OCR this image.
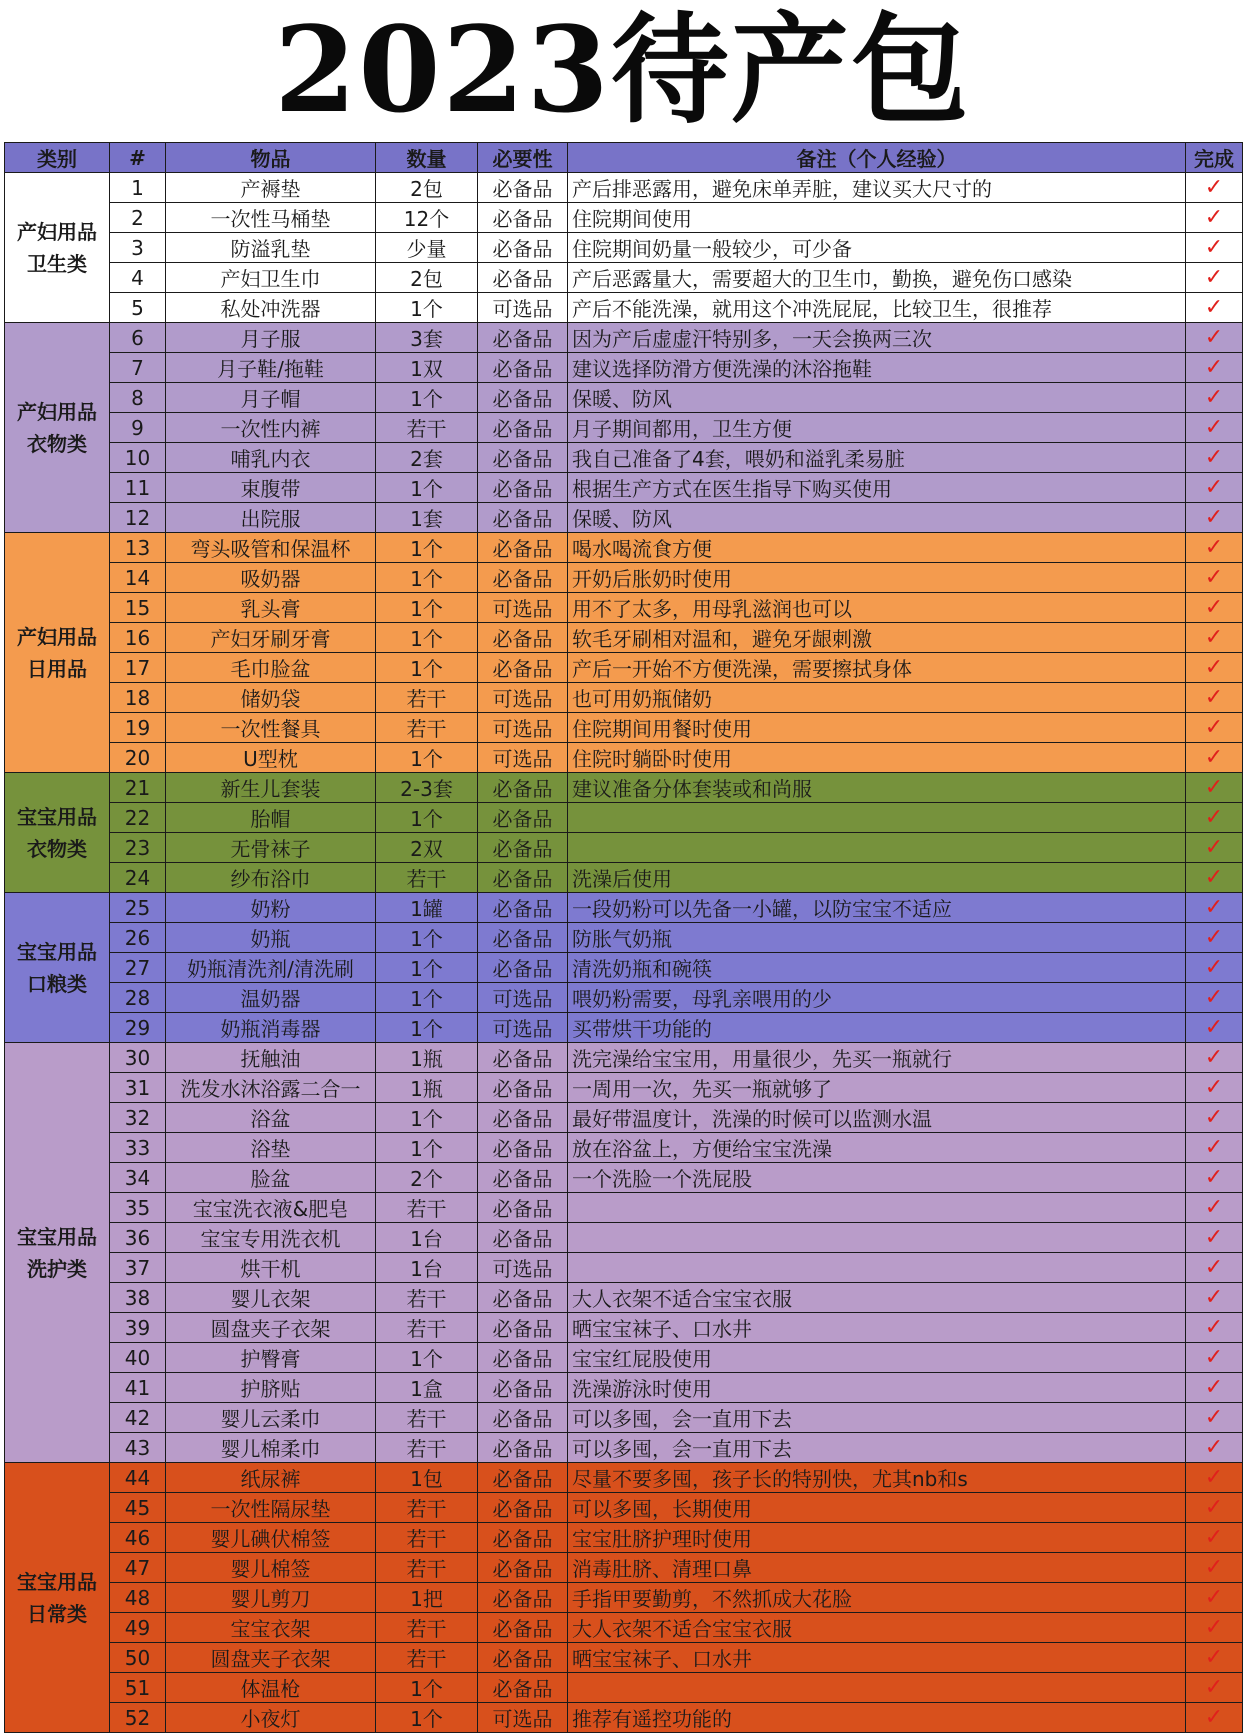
2023待产包
类别	#	物品	数量	必要性	备注（个人经验）	完成
产妇用品
卫生类	1	产褥垫	2包	必备品	产后排恶露用，避免床单弄脏，建议买大尺寸的	✓
	2	一次性马桶垫	12个	必备品	住院期间使用	✓
	3	防溢乳垫	少量	必备品	住院期间奶量一般较少，可少备	✓
	4	产妇卫生巾	2包	必备品	产后恶露量大，需要超大的卫生巾，勤换，避免伤口感染	✓
	5	私处冲洗器	1个	可选品	产后不能洗澡，就用这个冲洗屁屁，比较卫生，很推荐	✓
产妇用品
衣物类	6	月子服	3套	必备品	因为产后虚虚汗特别多，一天会换两三次	✓
	7	月子鞋/拖鞋	1双	必备品	建议选择防滑方便洗澡的沐浴拖鞋	✓
	8	月子帽	1个	必备品	保暖、防风	✓
	9	一次性内裤	若干	必备品	月子期间都用，卫生方便	✓
	10	哺乳内衣	2套	必备品	我自己准备了4套，喂奶和溢乳柔易脏	✓
	11	束腹带	1个	必备品	根据生产方式在医生指导下购买使用	✓
	12	出院服	1套	必备品	保暖、防风	✓
产妇用品
日用品	13	弯头吸管和保温杯	1个	必备品	喝水喝流食方便	✓
	14	吸奶器	1个	必备品	开奶后胀奶时使用	✓
	15	乳头膏	1个	可选品	用不了太多，用母乳滋润也可以	✓
	16	产妇牙刷牙膏	1个	必备品	软毛牙刷相对温和，避免牙龈刺激	✓
	17	毛巾脸盆	1个	必备品	产后一开始不方便洗澡，需要擦拭身体	✓
	18	储奶袋	若干	可选品	也可用奶瓶储奶	✓
	19	一次性餐具	若干	可选品	住院期间用餐时使用	✓
	20	U型枕	1个	可选品	住院时躺卧时使用	✓
宝宝用品
衣物类	21	新生儿套装	2-3套	必备品	建议准备分体套装或和尚服	✓
	22	胎帽	1个	必备品		✓
	23	无骨袜子	2双	必备品		✓
	24	纱布浴巾	若干	必备品	洗澡后使用	✓
宝宝用品
口粮类	25	奶粉	1罐	必备品	一段奶粉可以先备一小罐，以防宝宝不适应	✓
	26	奶瓶	1个	必备品	防胀气奶瓶	✓
	27	奶瓶清洗剂/清洗刷	1个	必备品	清洗奶瓶和碗筷	✓
	28	温奶器	1个	可选品	喂奶粉需要，母乳亲喂用的少	✓
	29	奶瓶消毒器	1个	可选品	买带烘干功能的	✓
宝宝用品
洗护类	30	抚触油	1瓶	必备品	洗完澡给宝宝用，用量很少，先买一瓶就行	✓
	31	洗发水沐浴露二合一	1瓶	必备品	一周用一次，先买一瓶就够了	✓
	32	浴盆	1个	必备品	最好带温度计，洗澡的时候可以监测水温	✓
	33	浴垫	1个	必备品	放在浴盆上，方便给宝宝洗澡	✓
	34	脸盆	2个	必备品	一个洗脸一个洗屁股	✓
	35	宝宝洗衣液&肥皂	若干	必备品		✓
	36	宝宝专用洗衣机	1台	必备品		✓
	37	烘干机	1台	可选品		✓
	38	婴儿衣架	若干	必备品	大人衣架不适合宝宝衣服	✓
	39	圆盘夹子衣架	若干	必备品	晒宝宝袜子、口水井	✓
	40	护臀膏	1个	必备品	宝宝红屁股使用	✓
	41	护脐贴	1盒	必备品	洗澡游泳时使用	✓
	42	婴儿云柔巾	若干	必备品	可以多囤，会一直用下去	✓
	43	婴儿棉柔巾	若干	必备品	可以多囤，会一直用下去	✓
宝宝用品
日常类	44	纸尿裤	1包	必备品	尽量不要多囤，孩子长的特别快，尤其nb和s	✓
	45	一次性隔尿垫	若干	必备品	可以多囤，长期使用	✓
	46	婴儿碘伏棉签	若干	必备品	宝宝肚脐护理时使用	✓
	47	婴儿棉签	若干	必备品	消毒肚脐、清理口鼻	✓
	48	婴儿剪刀	1把	必备品	手指甲要勤剪，不然抓成大花脸	✓
	49	宝宝衣架	若干	必备品	大人衣架不适合宝宝衣服	✓
	50	圆盘夹子衣架	若干	必备品	晒宝宝袜子、口水井	✓
	51	体温枪	1个	必备品		✓
	52	小夜灯	1个	可选品	推荐有遥控功能的	✓
